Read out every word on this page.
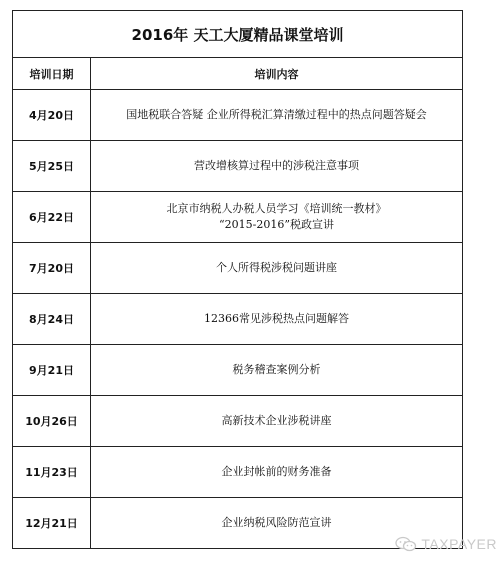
2016年 天工大厦精品课堂培训	
培训日期	培训内容
4月20日	国地税联合答疑 企业所得税汇算清缴过程中的热点问题答疑会

5月25日	营改增核算过程中的涉税注意事项

6月22日	北京市纳税人办税人员学习《培训统一教材》
“2015-2016”税政宣讲

7月20日	个人所得税涉税问题讲座

8月24日	12366常见涉税热点问题解答

9月21日	税务稽查案例分析

10月26日	高新技术企业涉税讲座

11月23日	企业封帐前的财务准备

12月21日	企业纳税风险防范宣讲
TAXPAYER
